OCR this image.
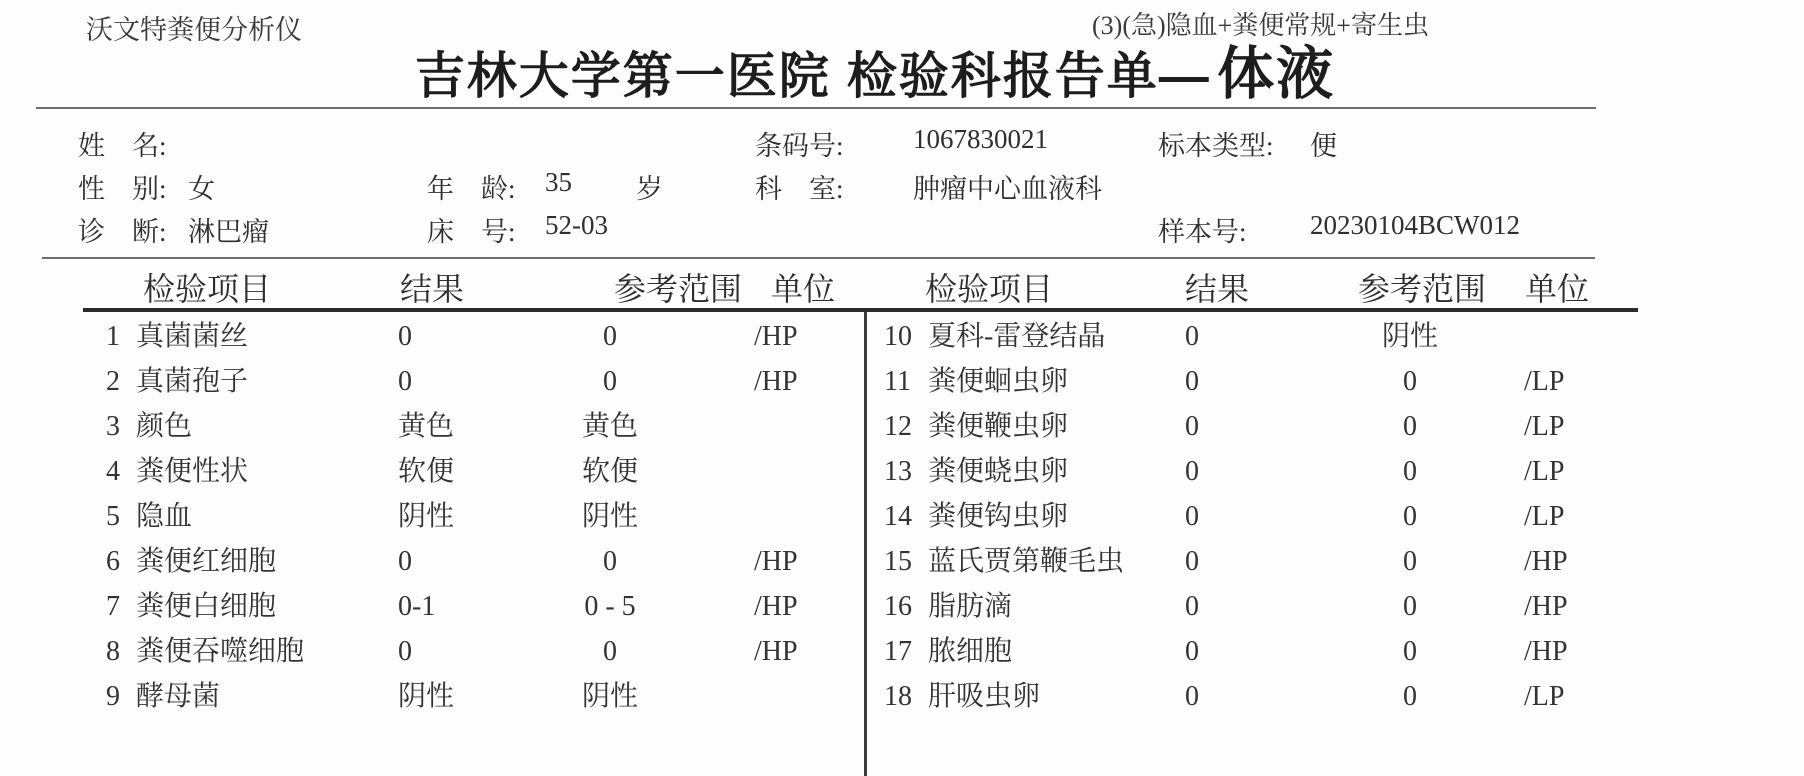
沃文特粪便分析仪	(3)(急)隐血+粪便常规+寄生虫
吉林大学第一医院 检验科报告单— 体液
姓　名:	条码号:	1067830021	标本类型: 便
性　别: 女	年　龄: 35 岁	科　室:	肿瘤中心血液科
诊　断: 淋巴瘤	床　号: 52-03	样本号: 20230104BCW012
检验项目	结果	参考范围 单位	检验项目	结果	参考范围 单位
1 真菌菌丝	0	0	/HP
2 真菌孢子	0	0	/HP
3 颜色	黄色	黄色
4 粪便性状	软便	软便
5 隐血	阴性	阴性
6 粪便红细胞	0	0	/HP
7 粪便白细胞	0-1	0 - 5	/HP
8 粪便吞噬细胞	0	0	/HP
9 酵母菌	阴性	阴性
10 夏科-雷登结晶	0	阴性
11 粪便蛔虫卵	0	0	/LP
12 粪便鞭虫卵	0	0	/LP
13 粪便蛲虫卵	0	0	/LP
14 粪便钩虫卵	0	0	/LP
15 蓝氏贾第鞭毛虫 0	0	/HP
16 脂肪滴	0	0	/HP
17 脓细胞	0	0	/HP
18 肝吸虫卵	0	0	/LP
